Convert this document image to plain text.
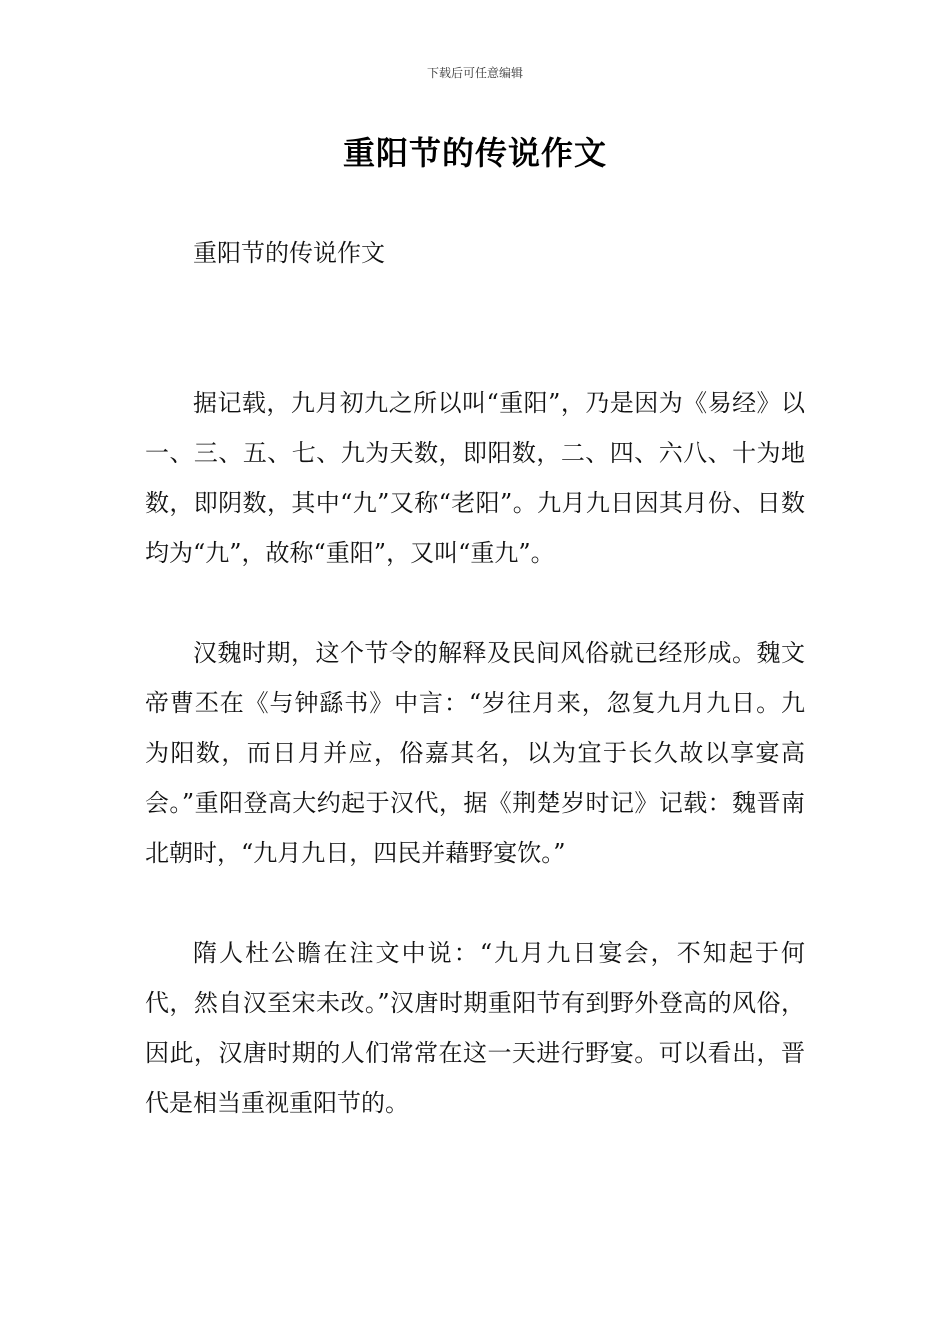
下载后可任意编辑
重阳节的传说作文

重阳节的传说作文

据记载，九月初九之所以叫“重阳”，乃是因为《易经》以一、三、五、七、九为天数，即阳数，二、四、六八、十为地数，即阴数，其中“九”又称“老阳”。九月九日因其月份、日数均为“九”，故称“重阳”，又叫“重九”。

汉魏时期，这个节令的解释及民间风俗就已经形成。魏文帝曹丕在《与钟繇书》中言：“岁往月来，忽复九月九日。九为阳数，而日月并应，俗嘉其名，以为宜于长久故以享宴高会。”重阳登高大约起于汉代，据《荆楚岁时记》记载：魏晋南北朝时，“九月九日，四民并藉野宴饮。”

隋人杜公瞻在注文中说：“九月九日宴会，不知起于何代，然自汉至宋未改。”汉唐时期重阳节有到野外登高的风俗，因此，汉唐时期的人们常常在这一天进行野宴。可以看出，晋代是相当重视重阳节的。
